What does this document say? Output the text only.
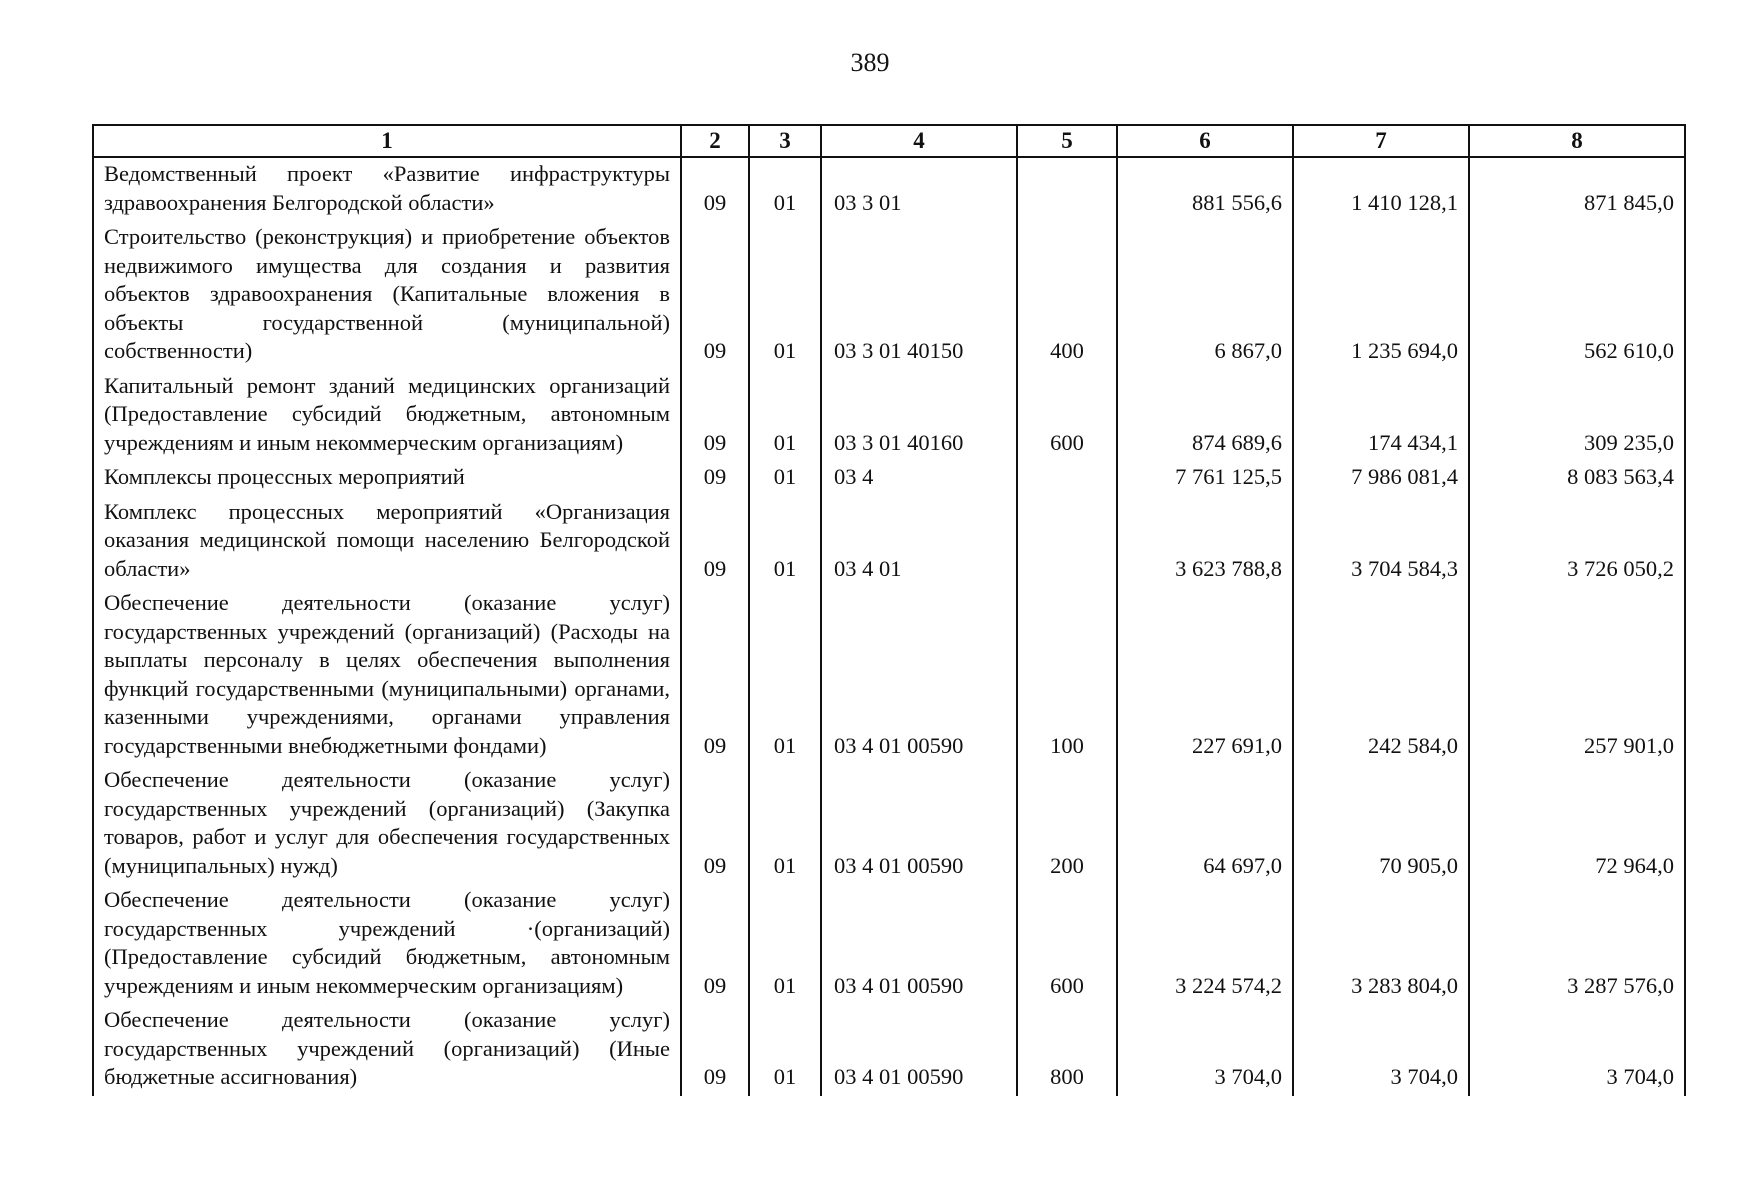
389
1	2	3	4	5	6	7	8
Ведомственный проект «Развитие инфраструктуры здравоохранения Белгородской области»	09	01	03 3 01		881 556,6	1 410 128,1	871 845,0
Строительство (реконструкция) и приобретение объектов недвижимого имущества для создания и развития объектов здравоохранения (Капитальные вложения в объекты государственной (муниципальной) собственности)	09	01	03 3 01 40150	400	6 867,0	1 235 694,0	562 610,0
Капитальный ремонт зданий медицинских организаций (Предоставление субсидий бюджетным, автономным учреждениям и иным некоммерческим организациям)	09	01	03 3 01 40160	600	874 689,6	174 434,1	309 235,0
Комплексы процессных мероприятий	09	01	03 4		7 761 125,5	7 986 081,4	8 083 563,4
Комплекс процессных мероприятий «Организация оказания медицинской помощи населению Белгородской области»	09	01	03 4 01		3 623 788,8	3 704 584,3	3 726 050,2
Обеспечение деятельности (оказание услуг) государственных учреждений (организаций) (Расходы на выплаты персоналу в целях обеспечения выполнения функций государственными (муниципальными) органами, казенными учреждениями, органами управления государственными внебюджетными фондами)	09	01	03 4 01 00590	100	227 691,0	242 584,0	257 901,0
Обеспечение деятельности (оказание услуг) государственных учреждений (организаций) (Закупка товаров, работ и услуг для обеспечения государственных (муниципальных) нужд)	09	01	03 4 01 00590	200	64 697,0	70 905,0	72 964,0
Обеспечение деятельности (оказание услуг) государственных учреждений ·(организаций) (Предоставление субсидий бюджетным, автономным учреждениям и иным некоммерческим организациям)	09	01	03 4 01 00590	600	3 224 574,2	3 283 804,0	3 287 576,0
Обеспечение деятельности (оказание услуг) государственных учреждений (организаций) (Иные бюджетные ассигнования)	09	01	03 4 01 00590	800	3 704,0	3 704,0	3 704,0
